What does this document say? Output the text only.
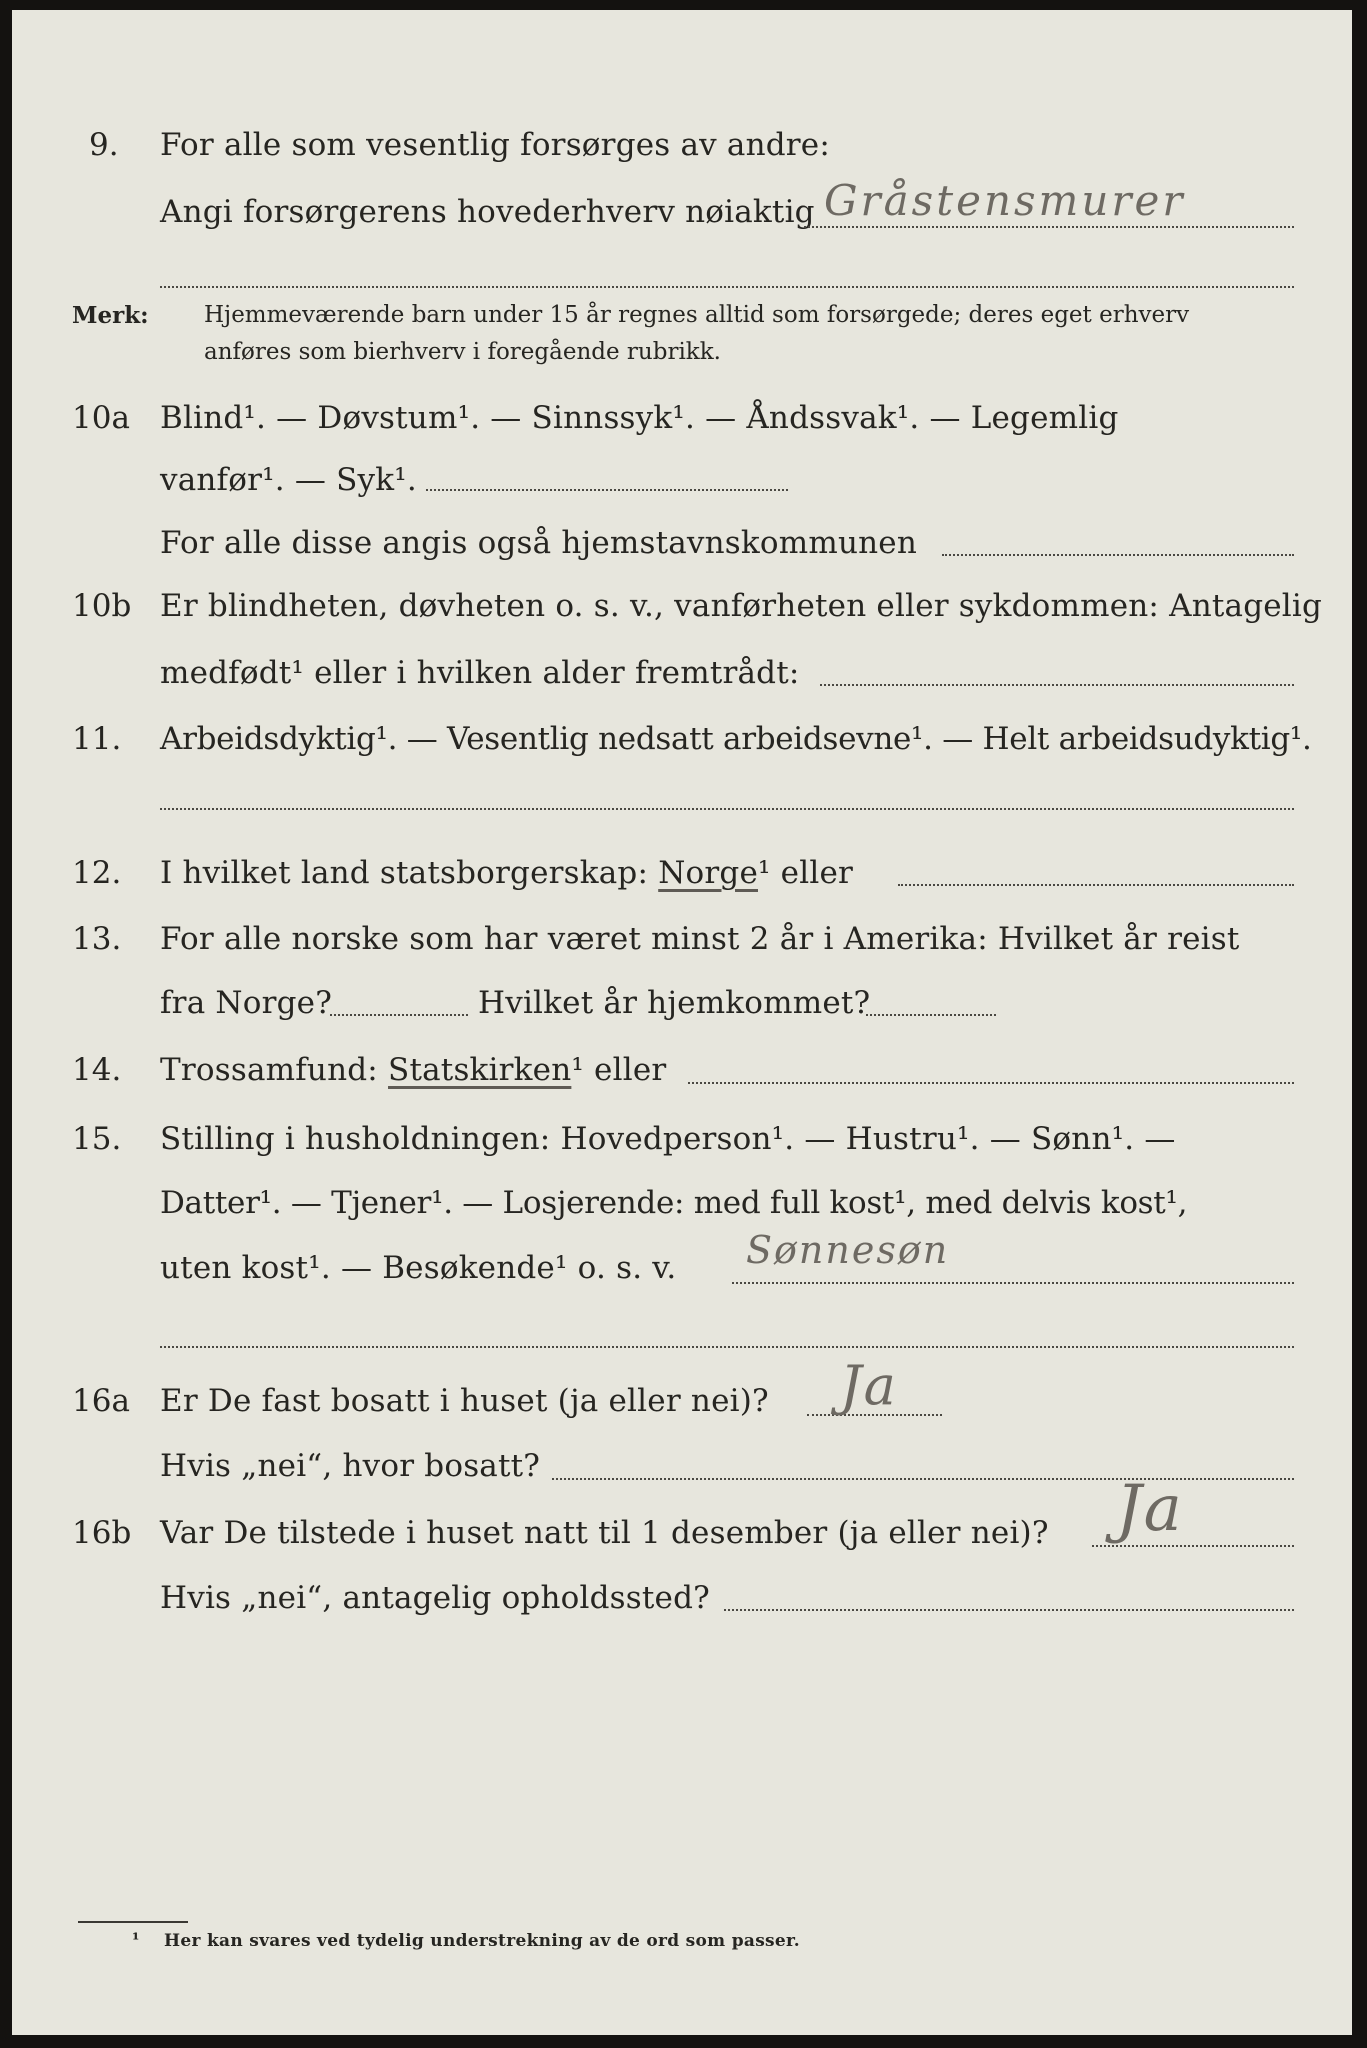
9. For alle som vesentlig forsørges av andre:
Angi forsørgerens hovederhverv nøiaktig Gråstensmurer
Merk: Hjemmeværende barn under 15 år regnes alltid som forsørgede; deres eget erhverv
anføres som bierhverv i foregående rubrikk.
10a Blind¹. — Døvstum¹. — Sinnssyk¹. — Åndssvak¹. — Legemlig
vanfør¹. — Syk¹.
For alle disse angis også hjemstavnskommunen
10b Er blindheten, døvheten o. s. v., vanførheten eller sykdommen: Antagelig
medfødt¹ eller i hvilken alder fremtrådt:
11. Arbeidsdyktig¹. — Vesentlig nedsatt arbeidsevne¹. — Helt arbeidsudyktig¹.
12. I hvilket land statsborgerskap: Norge¹ eller
13. For alle norske som har været minst 2 år i Amerika: Hvilket år reist
fra Norge?	Hvilket år hjemkommet?
14. Trossamfund: Statskirken¹ eller
15. Stilling i husholdningen: Hovedperson¹. — Hustru¹. — Sønn¹. —
Datter¹. — Tjener¹. — Losjerende: med full kost¹, med delvis kost¹,
uten kost¹. — Besøkende¹ o. s. v. Sønnesøn
16a Er De fast bosatt i huset (ja eller nei)? Ja
Hvis „nei“, hvor bosatt?
16b Var De tilstede i huset natt til 1 desember (ja eller nei)? Ja
Hvis „nei“, antagelig opholdssted?
¹ Her kan svares ved tydelig understrekning av de ord som passer.
